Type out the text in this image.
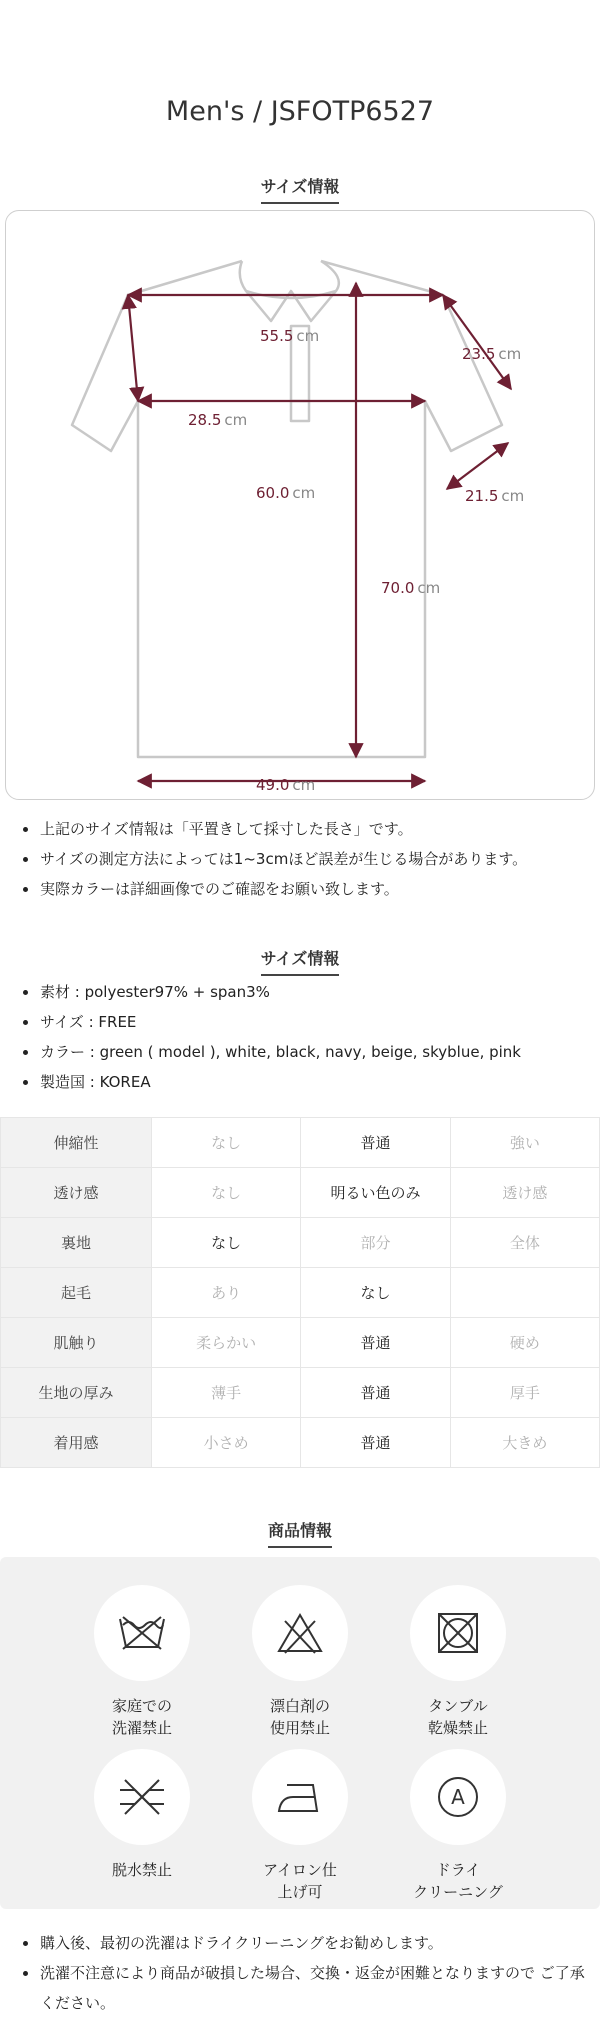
Men's / JSFOTP6527
サイズ情報
55.5 cm
23.5 cm
28.5 cm
60.0 cm	21.5 cm
70.0 cm
49.0 cm
上記のサイズ情報は「平置きして採寸した長さ」です。
サイズの測定方法によっては1~3cmほど誤差が生じる場合があります。
実際カラーは詳細画像でのご確認をお願い致します。
サイズ情報
素材 : polyester97% + span3%
サイズ : FREE
カラー : green ( model ), white, black, navy, beige, skyblue, pink
製造国 : KOREA
伸縮性	なし	普通	強い
透け感	なし	明るい色のみ	透け感
裏地	なし	部分	全体
起毛	あり	なし	
肌触り	柔らかい	普通	硬め
生地の厚み	薄手	普通	厚手
着用感	小さめ	普通	大きめ
商品情報
家庭での
洗濯禁止
漂白剤の
使用禁止
タンブル
乾燥禁止
脱水禁止	アイロン仕
上げ可
A
ドライ
クリーニング
購入後、最初の洗濯はドライクリーニングをお勧めします。
洗濯不注意により商品が破損した場合、交換・返金が困難となりますので ご了承ください。
